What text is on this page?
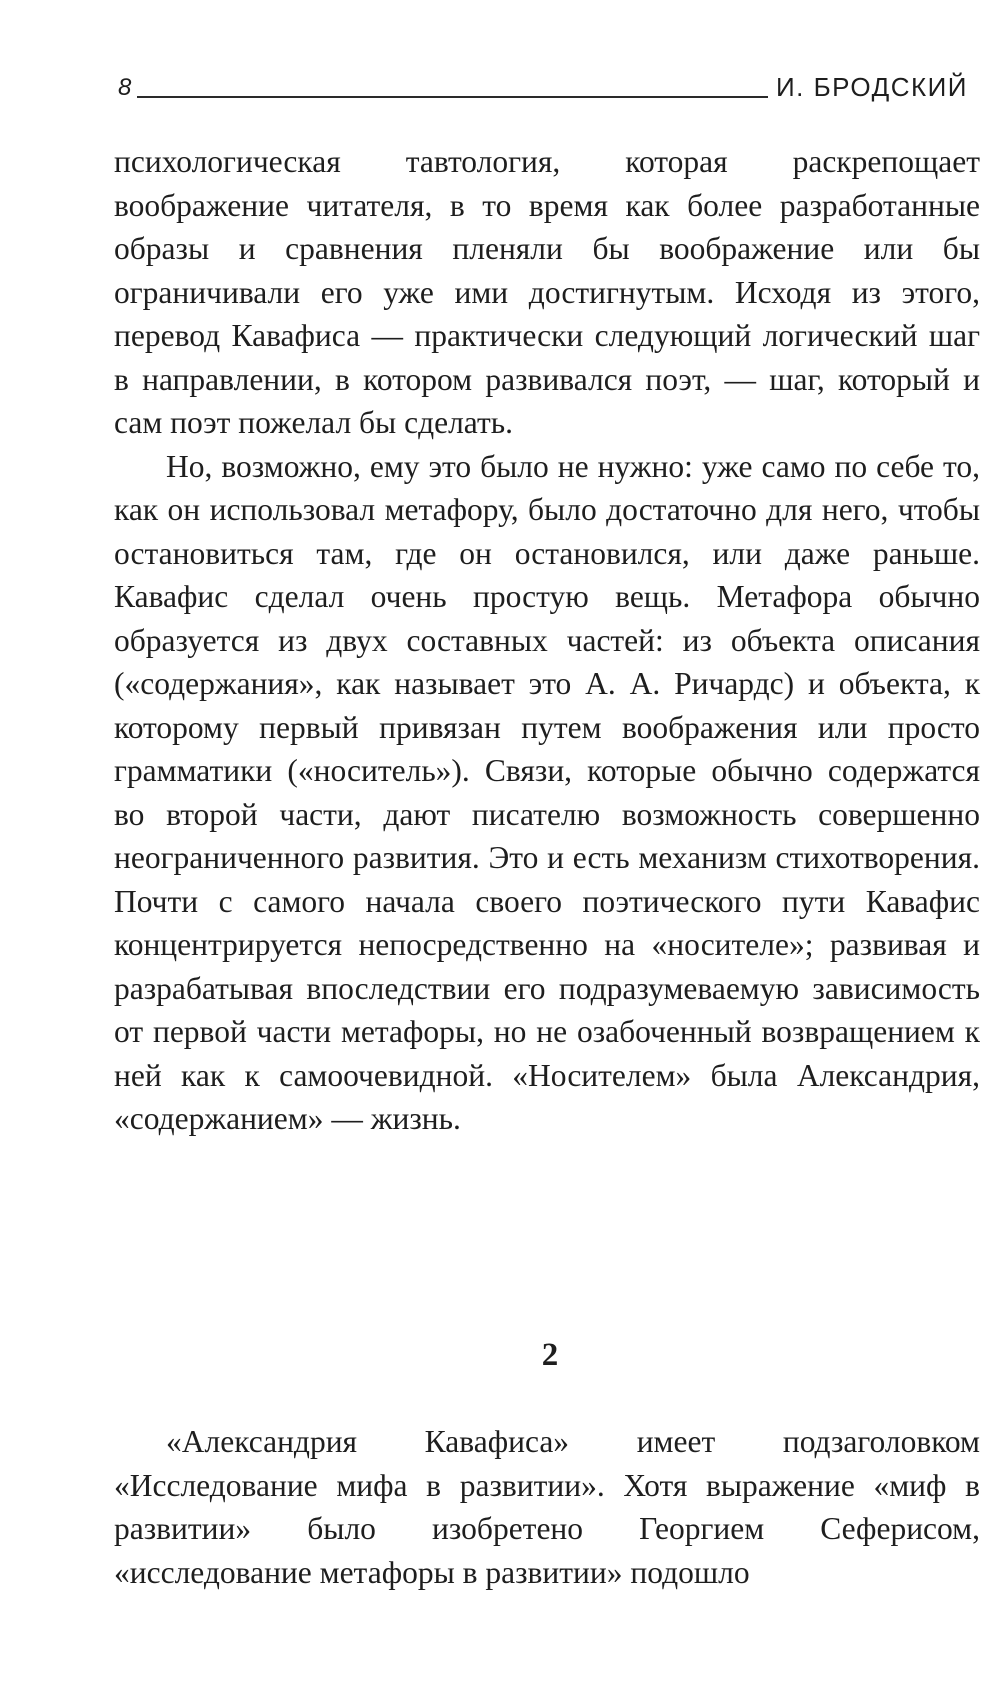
8	И. БРОДСКИЙ

психологическая тавтология, которая раскрепощает воображение читателя, в то время как более разработанные образы и сравнения пленяли бы воображение или бы ограничивали его уже ими достигнутым. Исходя из этого, перевод Кавафиса — практически следующий логический шаг в направлении, в котором развивался поэт, — шаг, который и сам поэт пожелал бы сделать.

Но, возможно, ему это было не нужно: уже само по себе то, как он использовал метафору, было достаточно для него, чтобы остановиться там, где он остановился, или даже раньше. Кавафис сделал очень простую вещь. Метафора обычно образуется из двух составных частей: из объекта описания («содержания», как называет это А. А. Ричардс) и объекта, к которому первый привязан путем воображения или просто грамматики («носитель»). Связи, которые обычно содержатся во второй части, дают писателю возможность совершенно неограниченного развития. Это и есть механизм стихотворения. Почти с самого начала своего поэтического пути Кавафис концентрируется непосредственно на «носителе»; развивая и разрабатывая впоследствии его подразумеваемую зависимость от первой части метафоры, но не озабоченный возвращением к ней как к самоочевидной. «Носителем» была Александрия, «содержанием» — жизнь.

2

«Александрия Кавафиса» имеет подзаголовком «Исследование мифа в развитии». Хотя выражение «миф в развитии» было изобретено Георгием Сеферисом, «исследование метафоры в развитии» подошло
